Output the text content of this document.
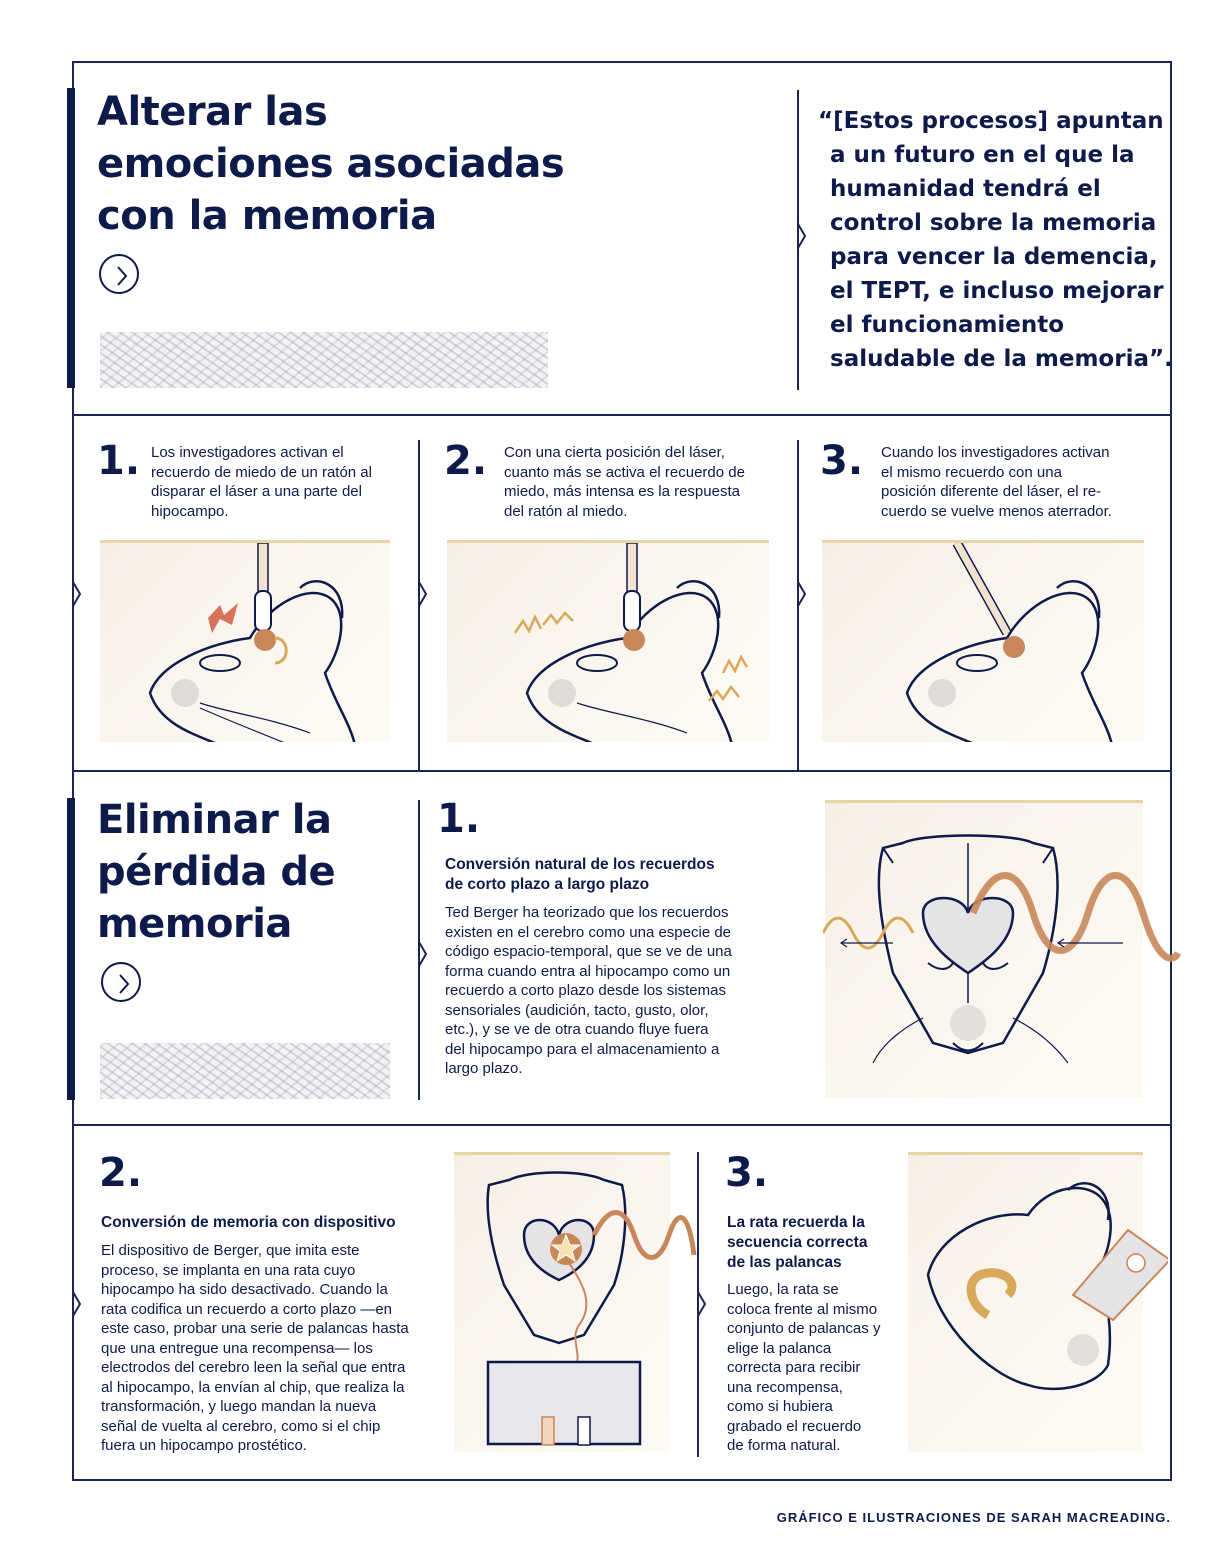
Alterar las
emociones asociadas
con la memoria
“[Estos procesos] apuntan
a un futuro en el que la
humanidad tendrá el
control sobre la memoria
para vencer la demencia,
el TEPT, e incluso mejorar
el funcionamiento
saludable de la memoria”.
1. Los investigadores activan el
recuerdo de miedo de un ratón al
disparar el láser a una parte del
hipocampo.
2. Con una cierta posición del láser,
cuanto más se activa el recuerdo de
miedo, más intensa es la respuesta
del ratón al miedo.
3. Cuando los investigadores activan
el mismo recuerdo con una
posición diferente del láser, el re-
cuerdo se vuelve menos aterrador.
Eliminar la
pérdida de
memoria
1.
Conversión natural de los recuerdos
de corto plazo a largo plazo
Ted Berger ha teorizado que los recuerdos
existen en el cerebro como una especie de
código espacio-temporal, que se ve de una
forma cuando entra al hipocampo como un
recuerdo a corto plazo desde los sistemas
sensoriales (audición, tacto, gusto, olor,
etc.), y se ve de otra cuando fluye fuera
del hipocampo para el almacenamiento a
largo plazo.
2.
Conversión de memoria con dispositivo
El dispositivo de Berger, que imita este
proceso, se implanta en una rata cuyo
hipocampo ha sido desactivado. Cuando la
rata codifica un recuerdo a corto plazo —en
este caso, probar una serie de palancas hasta
que una entregue una recompensa— los
electrodos del cerebro leen la señal que entra
al hipocampo, la envían al chip, que realiza la
transformación, y luego mandan la nueva
señal de vuelta al cerebro, como si el chip
fuera un hipocampo prostético.
3.
La rata recuerda la
secuencia correcta
de las palancas
Luego, la rata se
coloca frente al mismo
conjunto de palancas y
elige la palanca
correcta para recibir
una recompensa,
como si hubiera
grabado el recuerdo
de forma natural.
GRÁFICO E ILUSTRACIONES DE SARAH MACREADING.
